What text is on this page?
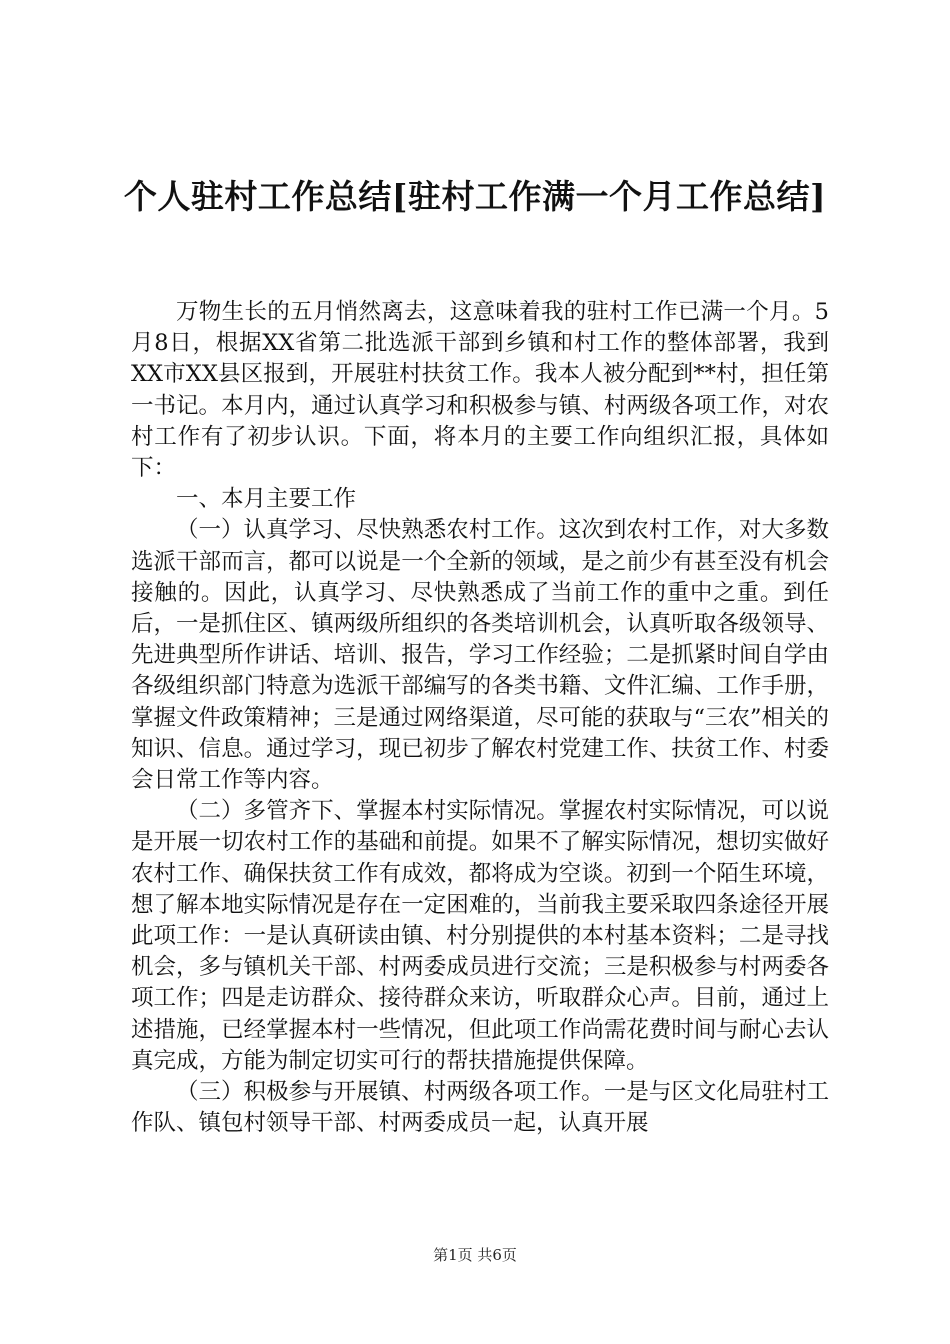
个人驻村工作总结[驻村工作满一个月工作总结]

万物生长的五月悄然离去，这意味着我的驻村工作已满一个月。5月8日，根据XX省第二批选派干部到乡镇和村工作的整体部署，我到XX市XX县区报到，开展驻村扶贫工作。我本人被分配到**村，担任第一书记。本月内，通过认真学习和积极参与镇、村两级各项工作，对农村工作有了初步认识。下面，将本月的主要工作向组织汇报，具体如下：

一、本月主要工作

（一）认真学习、尽快熟悉农村工作。这次到农村工作，对大多数选派干部而言，都可以说是一个全新的领域，是之前少有甚至没有机会接触的。因此，认真学习、尽快熟悉成了当前工作的重中之重。到任后，一是抓住区、镇两级所组织的各类培训机会，认真听取各级领导、先进典型所作讲话、培训、报告，学习工作经验；二是抓紧时间自学由各级组织部门特意为选派干部编写的各类书籍、文件汇编、工作手册，掌握文件政策精神；三是通过网络渠道，尽可能的获取与“三农”相关的知识、信息。通过学习，现已初步了解农村党建工作、扶贫工作、村委会日常工作等内容。

（二）多管齐下、掌握本村实际情况。掌握农村实际情况，可以说是开展一切农村工作的基础和前提。如果不了解实际情况，想切实做好农村工作、确保扶贫工作有成效，都将成为空谈。初到一个陌生环境，想了解本地实际情况是存在一定困难的，当前我主要采取四条途径开展此项工作：一是认真研读由镇、村分别提供的本村基本资料；二是寻找机会，多与镇机关干部、村两委成员进行交流；三是积极参与村两委各项工作；四是走访群众、接待群众来访，听取群众心声。目前，通过上述措施，已经掌握本村一些情况，但此项工作尚需花费时间与耐心去认真完成，方能为制定切实可行的帮扶措施提供保障。

（三）积极参与开展镇、村两级各项工作。一是与区文化局驻村工作队、镇包村领导干部、村两委成员一起，认真开展

第1页 共6页
